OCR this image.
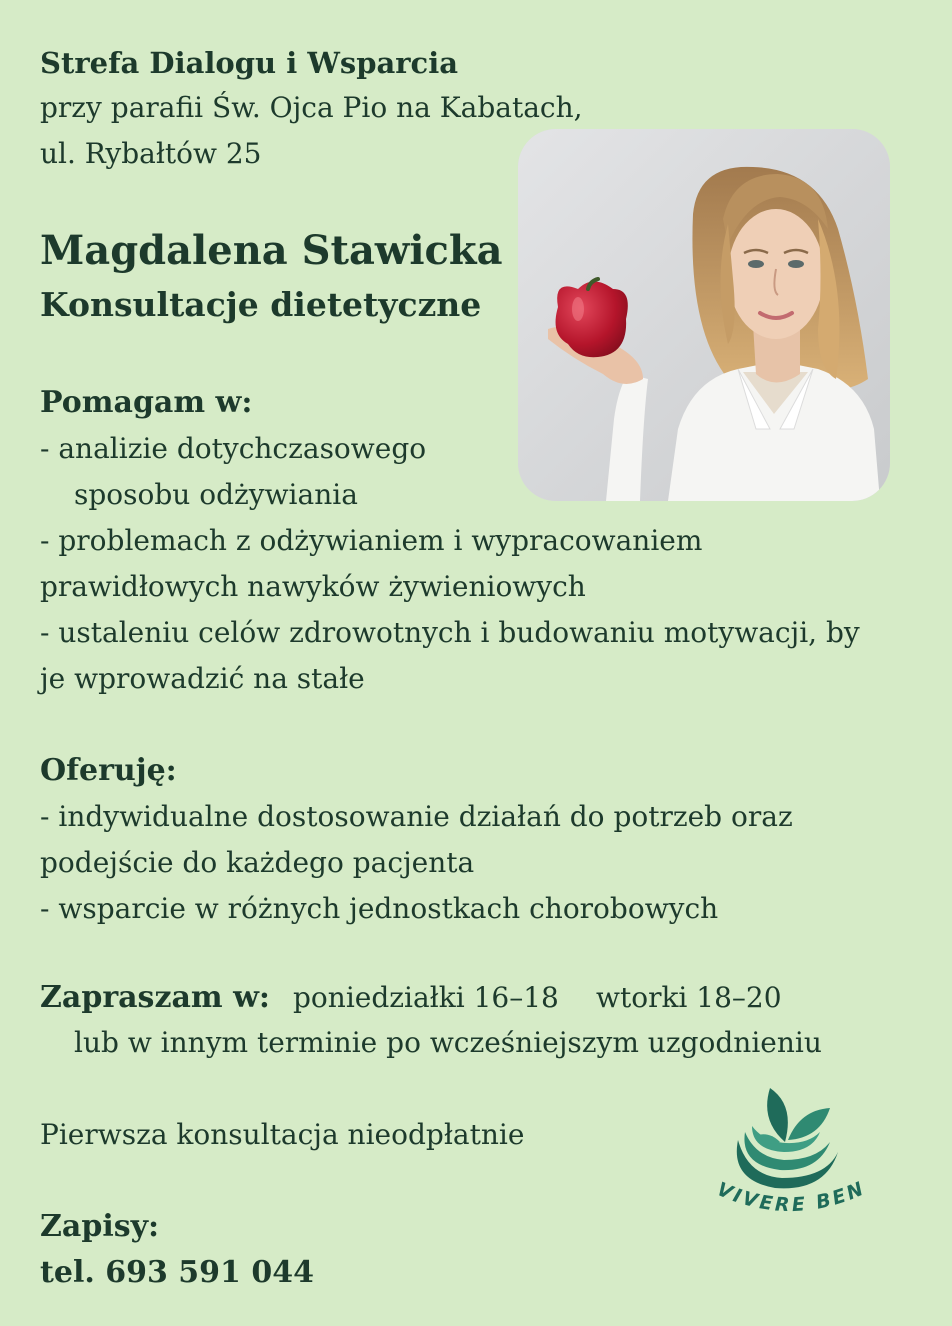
Strefa Dialogu i Wsparcia
przy parafii Św. Ojca Pio na Kabatach,
ul. Rybałtów 25
Magdalena Stawicka
Konsultacje dietetyczne
Pomagam w:
- analizie dotychczasowego
sposobu odżywiania
- problemach z odżywianiem i wypracowaniem
prawidłowych nawyków żywieniowych
- ustaleniu celów zdrowotnych i budowaniu motywacji, by
je wprowadzić na stałe
Oferuję:
- indywidualne dostosowanie działań do potrzeb oraz
podejście do każdego pacjenta
- wsparcie w różnych jednostkach chorobowych
Zapraszam w: poniedziałki 16–18 wtorki 18–20
lub w innym terminie po wcześniejszym uzgodnieniu
Pierwsza konsultacja nieodpłatnie
Zapisy:
tel. 693 591 044
VIVERE BEN
